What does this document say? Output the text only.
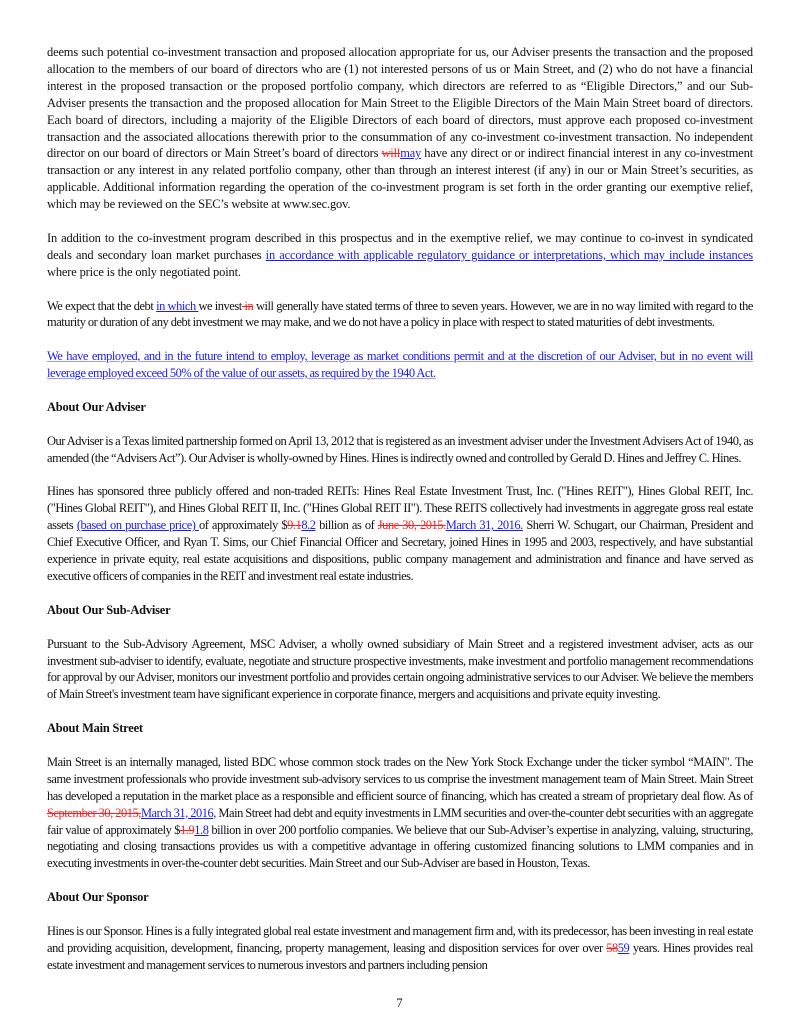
deems such potential co-investment transaction and proposed allocation appropriate for us, our Adviser presents the transaction and the proposed allocation to the members of our board of directors who are (1) not interested persons of us or Main Street, and (2) who do not have a financial interest in the proposed transaction or the proposed portfolio company, which directors are referred to as “Eligible Directors,” and our Sub-Adviser presents the transaction and the proposed allocation for Main Street to the Eligible Directors of the Main Main Street board of directors. Each board of directors, including a majority of the Eligible Directors of each board of directors, must approve each proposed co-investment transaction and the associated allocations therewith prior to the consummation of any co-investment co-investment transaction. No independent director on our board of directors or Main Street’s board of directors willmay have any direct or or indirect financial interest in any co-investment transaction or any interest in any related portfolio company, other than through an interest interest (if any) in our or Main Street’s securities, as applicable. Additional information regarding the operation of the co-investment program is set forth in the order granting our exemptive relief, which may be reviewed on the SEC’s website at www.sec.gov.

In addition to the co-investment program described in this prospectus and in the exemptive relief, we may continue to co-invest in syndicated deals and secondary loan market purchases in accordance with applicable regulatory guidance or interpretations, which may include instances where price is the only negotiated point.

We expect that the debt in which we invest in will generally have stated terms of three to seven years. However, we are in no way limited with regard to the maturity or duration of any debt investment we may make, and we do not have a policy in place with respect to stated maturities of debt investments.

We have employed, and in the future intend to employ, leverage as market conditions permit and at the discretion of our Adviser, but in no event will leverage employed exceed 50% of the value of our assets, as required by the 1940 Act.

About Our Adviser

Our Adviser is a Texas limited partnership formed on April 13, 2012 that is registered as an investment adviser under the Investment Advisers Act of 1940, as amended (the “Advisers Act”). Our Adviser is wholly-owned by Hines. Hines is indirectly owned and controlled by Gerald D. Hines and Jeffrey C. Hines.

Hines has sponsored three publicly offered and non-traded REITs: Hines Real Estate Investment Trust, Inc. ("Hines REIT"), Hines Global REIT, Inc. ("Hines Global REIT"), and Hines Global REIT II, Inc. ("Hines Global REIT II"). These REITS collectively had investments in aggregate gross real estate assets (based on purchase price) of approximately $9.18.2 billion as of June 30, 2015.March 31, 2016. Sherri W. Schugart, our Chairman, President and Chief Executive Officer, and Ryan T. Sims, our Chief Financial Officer and Secretary, joined Hines in 1995 and 2003, respectively, and have substantial experience in private equity, real estate acquisitions and dispositions, public company management and administration and finance and have served as executive officers of companies in the REIT and investment real estate industries.

About Our Sub-Adviser

Pursuant to the Sub-Advisory Agreement, MSC Adviser, a wholly owned subsidiary of Main Street and a registered investment adviser, acts as our investment sub-adviser to identify, evaluate, negotiate and structure prospective investments, make investment and portfolio management recommendations for approval by our Adviser, monitors our investment portfolio and provides certain ongoing administrative services to our Adviser. We believe the members of Main Street's investment team have significant experience in corporate finance, mergers and acquisitions and private equity investing.

About Main Street

Main Street is an internally managed, listed BDC whose common stock trades on the New York Stock Exchange under the ticker symbol “MAIN". The same investment professionals who provide investment sub-advisory services to us comprise the investment management team of Main Street. Main Street has developed a reputation in the market place as a responsible and efficient source of financing, which has created a stream of proprietary deal flow. As of September 30, 2015,March 31, 2016, Main Street had debt and equity investments in LMM securities and over-the-counter debt securities with an aggregate fair value of approximately $1.91.8 billion in over 200 portfolio companies. We believe that our Sub-Adviser’s expertise in analyzing, valuing, structuring, negotiating and closing transactions provides us with a competitive advantage in offering customized financing solutions to LMM companies and in executing investments in over-the-counter debt securities. Main Street and our Sub-Adviser are based in Houston, Texas.

About Our Sponsor

Hines is our Sponsor. Hines is a fully integrated global real estate investment and management firm and, with its predecessor, has been investing in real estate and providing acquisition, development, financing, property management, leasing and disposition services for over over 5859 years. Hines provides real estate investment and management services to numerous investors and partners including pension

7
